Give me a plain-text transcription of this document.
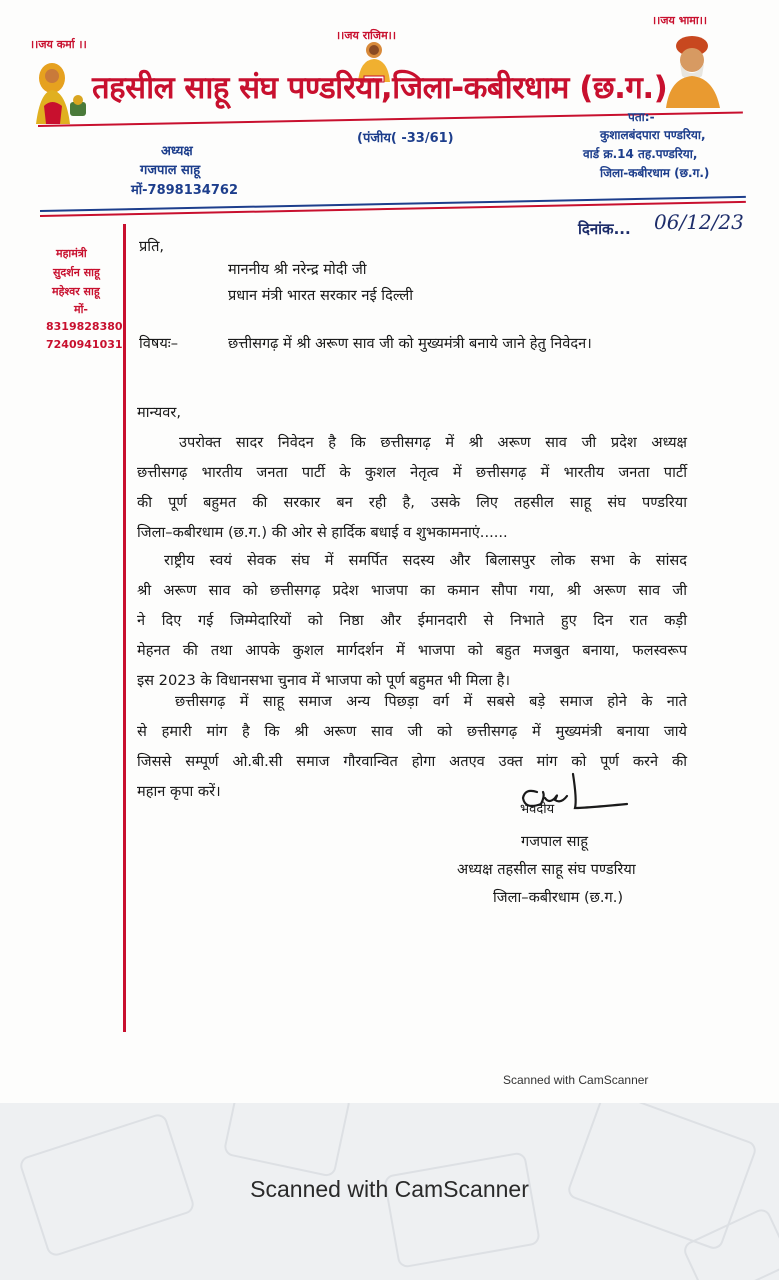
।।जय कर्मा ।।
।।जय राजिम।।
।।जय भामा।।
तहसील साहू संघ पण्डरिया,जिला-कबीरधाम (छ.ग.)
अध्यक्ष
गजपाल साहू
मों-7898134762
(पंजीय( -33/61)
पता:-
कुशालबंदपारा पण्डरिया,
वार्ड क्र.14 तह.पण्डरिया,
जिला-कबीरधाम (छ.ग.)
दिनांक... 06/12/23
महामंत्री
सुदर्शन साहू
महेश्वर साहू
मों-
8319828380,
7240941031
प्रति,
माननीय श्री नरेन्द्र मोदी जी
प्रधान मंत्री भारत सरकार नई दिल्ली
विषयः–	छत्तीसगढ़ में श्री अरूण साव जी को मुख्यमंत्री बनाये जाने हेतु निवेदन।
मान्यवर,
उपरोक्त सादर निवेदन है कि छत्तीसगढ़ में श्री अरूण साव जी प्रदेश अध्यक्ष
छत्तीसगढ़ भारतीय जनता पार्टी के कुशल नेतृत्व में छत्तीसगढ़ में भारतीय जनता पार्टी
की पूर्ण बहुमत की सरकार बन रही है, उसके लिए तहसील साहू संघ पण्डरिया
जिला–कबीरधाम (छ.ग.) की ओर से हार्दिक बधाई व शुभकामनाएं......
राष्ट्रीय स्वयं सेवक संघ में समर्पित सदस्य और बिलासपुर लोक सभा के सांसद
श्री अरूण साव को छत्तीसगढ़ प्रदेश भाजपा का कमान सौपा गया, श्री अरूण साव जी
ने दिए गई जिम्मेदारियों को निष्ठा और ईमानदारी से निभाते हुए दिन रात कड़ी
मेहनत की तथा आपके कुशल मार्गदर्शन में भाजपा को बहुत मजबुत बनाया, फलस्वरूप
इस 2023 के विधानसभा चुनाव में भाजपा को पूर्ण बहुमत भी मिला है।
छत्तीसगढ़ में साहू समाज अन्य पिछड़ा वर्ग में सबसे बड़े समाज होने के नाते
से हमारी मांग है कि श्री अरूण साव जी को छत्तीसगढ़ में मुख्यमंत्री बनाया जाये
जिससे सम्पूर्ण ओ.बी.सी समाज गौरवान्वित होगा अतएव उक्त मांग को पूर्ण करने की
महान कृपा करें।
भवदीय
गजपाल साहू
अध्यक्ष तहसील साहू संघ पण्डरिया
जिला–कबीरधाम (छ.ग.)
Scanned with CamScanner
Scanned with CamScanner
